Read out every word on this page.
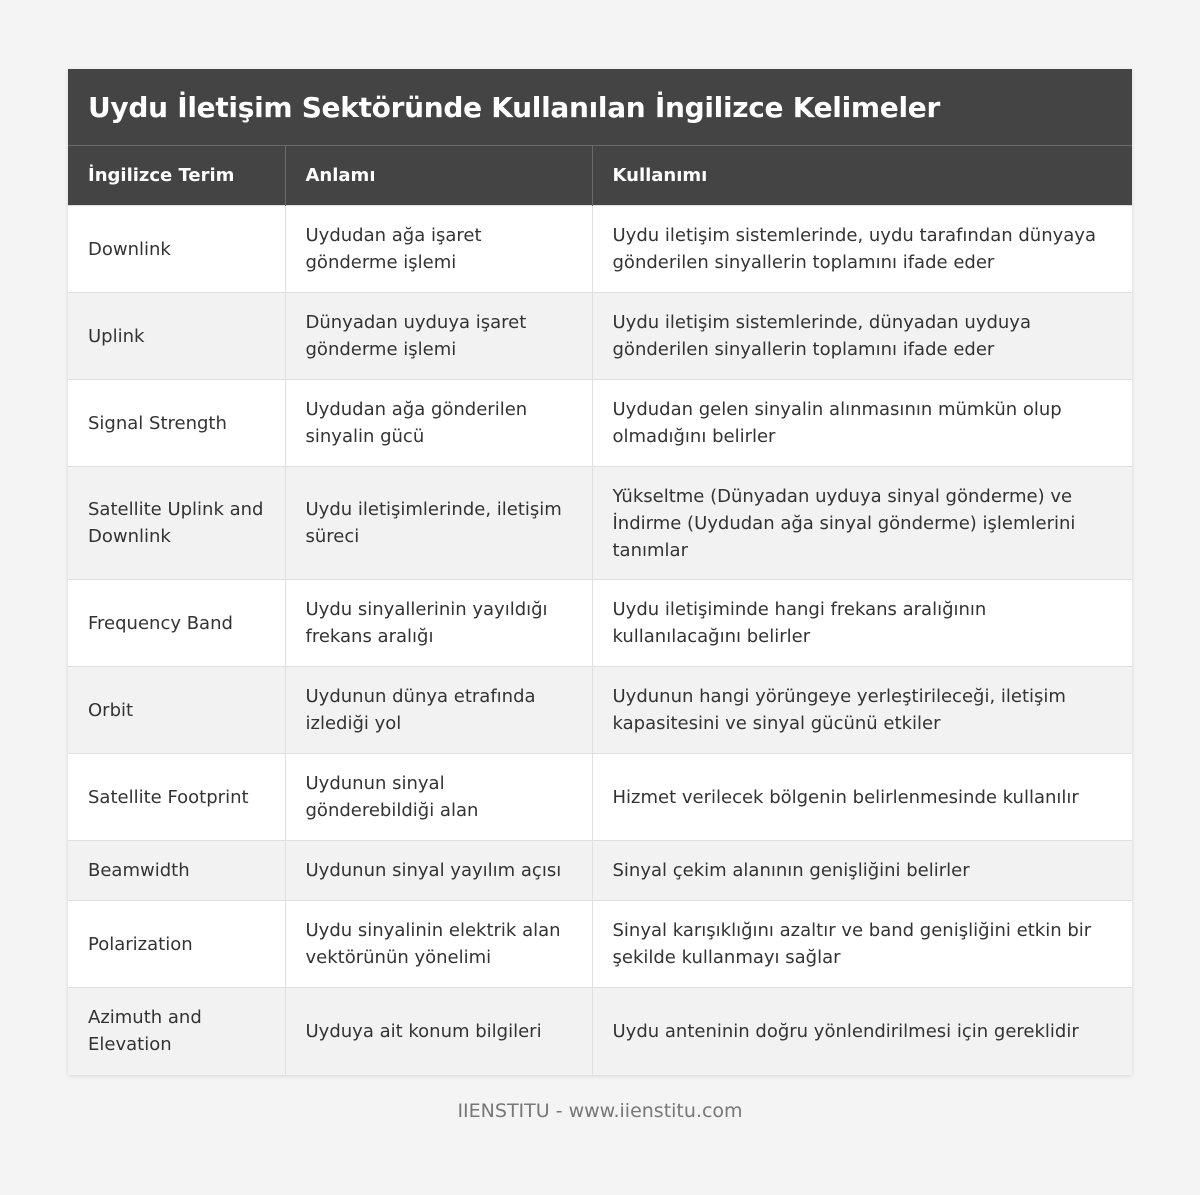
Uydu İletişim Sektöründe Kullanılan İngilizce Kelimeler
İngilizce Terim	Anlamı	Kullanımı
Downlink	Uydudan ağa işaret gönderme işlemi	Uydu iletişim sistemlerinde, uydu tarafından dünyaya gönderilen sinyallerin toplamını ifade eder
Uplink	Dünyadan uyduya işaret gönderme işlemi	Uydu iletişim sistemlerinde, dünyadan uyduya gönderilen sinyallerin toplamını ifade eder
Signal Strength	Uydudan ağa gönderilen sinyalin gücü	Uydudan gelen sinyalin alınmasının mümkün olup olmadığını belirler
Satellite Uplink and Downlink	Uydu iletişimlerinde, iletişim süreci	Yükseltme (Dünyadan uyduya sinyal gönderme) ve İndirme (Uydudan ağa sinyal gönderme) işlemlerini tanımlar
Frequency Band	Uydu sinyallerinin yayıldığı frekans aralığı	Uydu iletişiminde hangi frekans aralığının kullanılacağını belirler
Orbit	Uydunun dünya etrafında izlediği yol	Uydunun hangi yörüngeye yerleştirileceği, iletişim kapasitesini ve sinyal gücünü etkiler
Satellite Footprint	Uydunun sinyal gönderebildiği alan	Hizmet verilecek bölgenin belirlenmesinde kullanılır
Beamwidth	Uydunun sinyal yayılım açısı	Sinyal çekim alanının genişliğini belirler
Polarization	Uydu sinyalinin elektrik alan vektörünün yönelimi	Sinyal karışıklığını azaltır ve band genişliğini etkin bir şekilde kullanmayı sağlar
Azimuth and Elevation	Uyduya ait konum bilgileri	Uydu anteninin doğru yönlendirilmesi için gereklidir
IIENSTITU - www.iienstitu.com
